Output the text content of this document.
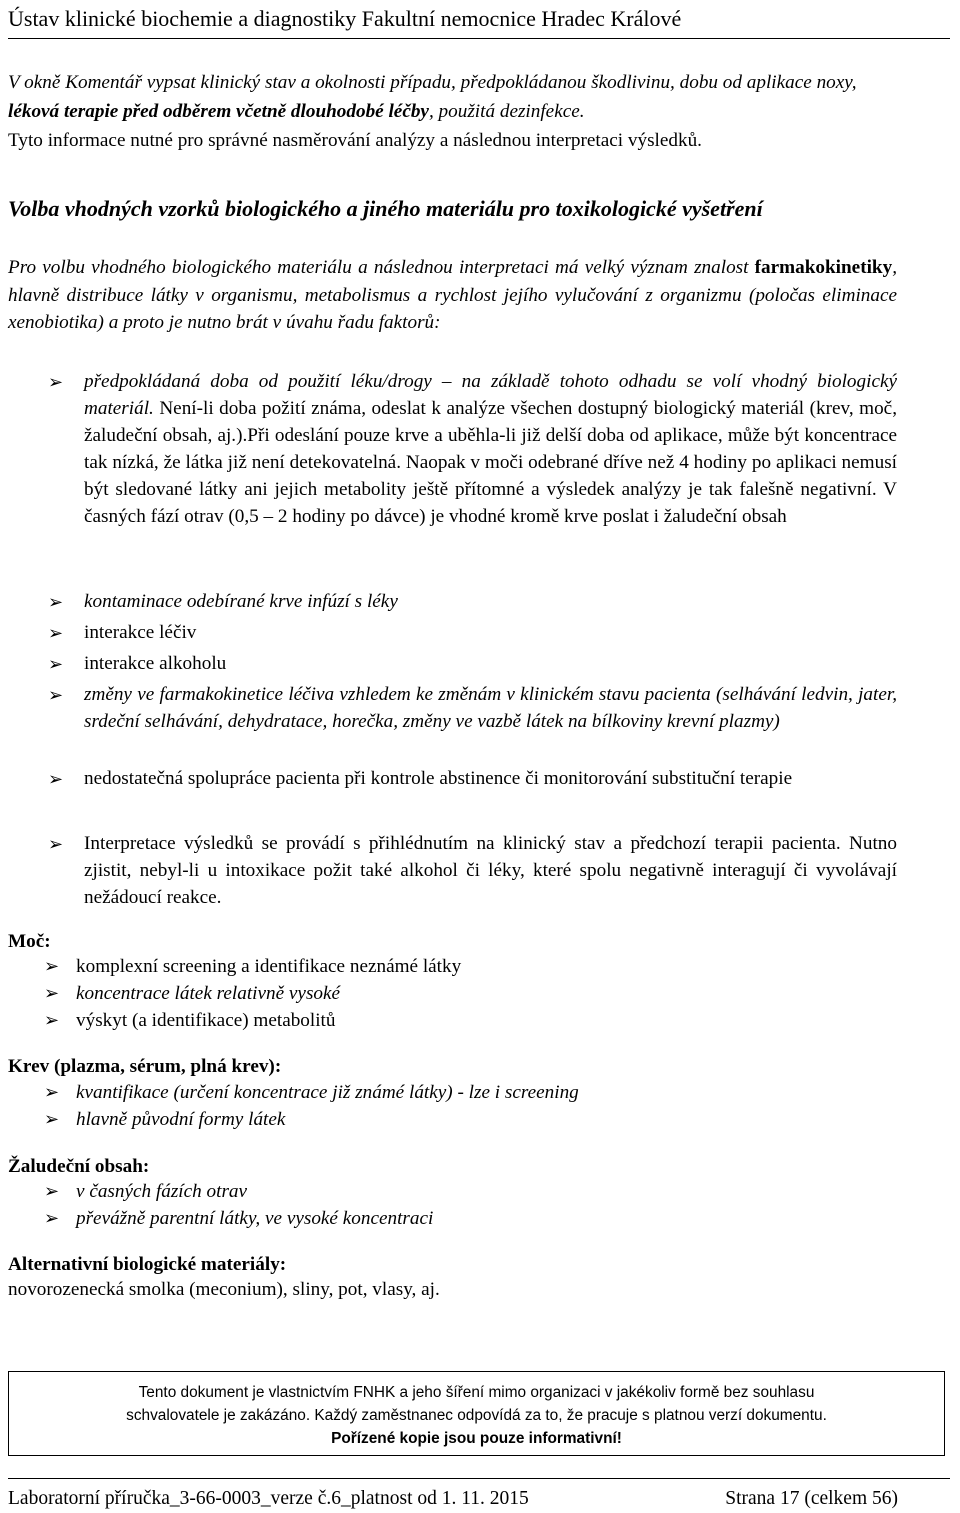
Ústav klinické biochemie a diagnostiky Fakultní nemocnice Hradec Králové
V okně Komentář vypsat klinický stav a okolnosti případu, předpokládanou škodlivinu, dobu od aplikace noxy, léková terapie před odběrem včetně dlouhodobé léčby, použitá dezinfekce.
Tyto informace nutné pro správné nasměrování analýzy a následnou interpretaci výsledků.
Volba vhodných vzorků biologického a jiného materiálu pro toxikologické vyšetření
Pro volbu vhodného biologického materiálu a následnou interpretaci má velký význam znalost farmakokinetiky, hlavně distribuce látky v organismu, metabolismus a rychlost jejího vylučování z organizmu (poločas eliminace xenobiotika) a proto je nutno brát v úvahu řadu faktorů:
➢ předpokládaná doba od použití léku/drogy – na základě tohoto odhadu se volí vhodný biologický materiál. Není-li doba požití známa, odeslat k analýze všechen dostupný biologický materiál (krev, moč, žaludeční obsah, aj.).Při odeslání pouze krve a uběhla-li již delší doba od aplikace, může být koncentrace tak nízká, že látka již není detekovatelná. Naopak v moči odebrané dříve než 4 hodiny po aplikaci nemusí být sledované látky ani jejich metabolity ještě přítomné a výsledek analýzy je tak falešně negativní. V časných fází otrav (0,5 – 2 hodiny po dávce) je vhodné kromě krve poslat i žaludeční obsah
➢ kontaminace odebírané krve infúzí s léky
➢ interakce léčiv
➢ interakce alkoholu
➢ změny ve farmakokinetice léčiva vzhledem ke změnám v klinickém stavu pacienta (selhávání ledvin, jater, srdeční selhávání, dehydratace, horečka, změny ve vazbě látek na bílkoviny krevní plazmy)
➢ nedostatečná spolupráce pacienta při kontrole abstinence či monitorování substituční terapie
➢ Interpretace výsledků se provádí s přihlédnutím na klinický stav a předchozí terapii pacienta. Nutno zjistit, nebyl-li u intoxikace požit také alkohol či léky, které spolu negativně interagují či vyvolávají nežádoucí reakce.
Moč:
➢ komplexní screening a identifikace neznámé látky
➢ koncentrace látek relativně vysoké
➢ výskyt (a identifikace) metabolitů
Krev (plazma, sérum, plná krev):
➢ kvantifikace (určení koncentrace již známé látky) - lze i screening
➢ hlavně původní formy látek
Žaludeční obsah:
➢ v časných fázích otrav
➢ převážně parentní látky, ve vysoké koncentraci
Alternativní biologické materiály:
novorozenecká smolka (meconium), sliny, pot, vlasy, aj.
Tento dokument je vlastnictvím FNHK a jeho šíření mimo organizaci v jakékoliv formě bez souhlasu
schvalovatele je zakázáno. Každý zaměstnanec odpovídá za to, že pracuje s platnou verzí dokumentu.
Pořízené kopie jsou pouze informativní!
Laboratorní příručka_3-66-0003_verze č.6_platnost od 1. 11. 2015	Strana 17 (celkem 56)
